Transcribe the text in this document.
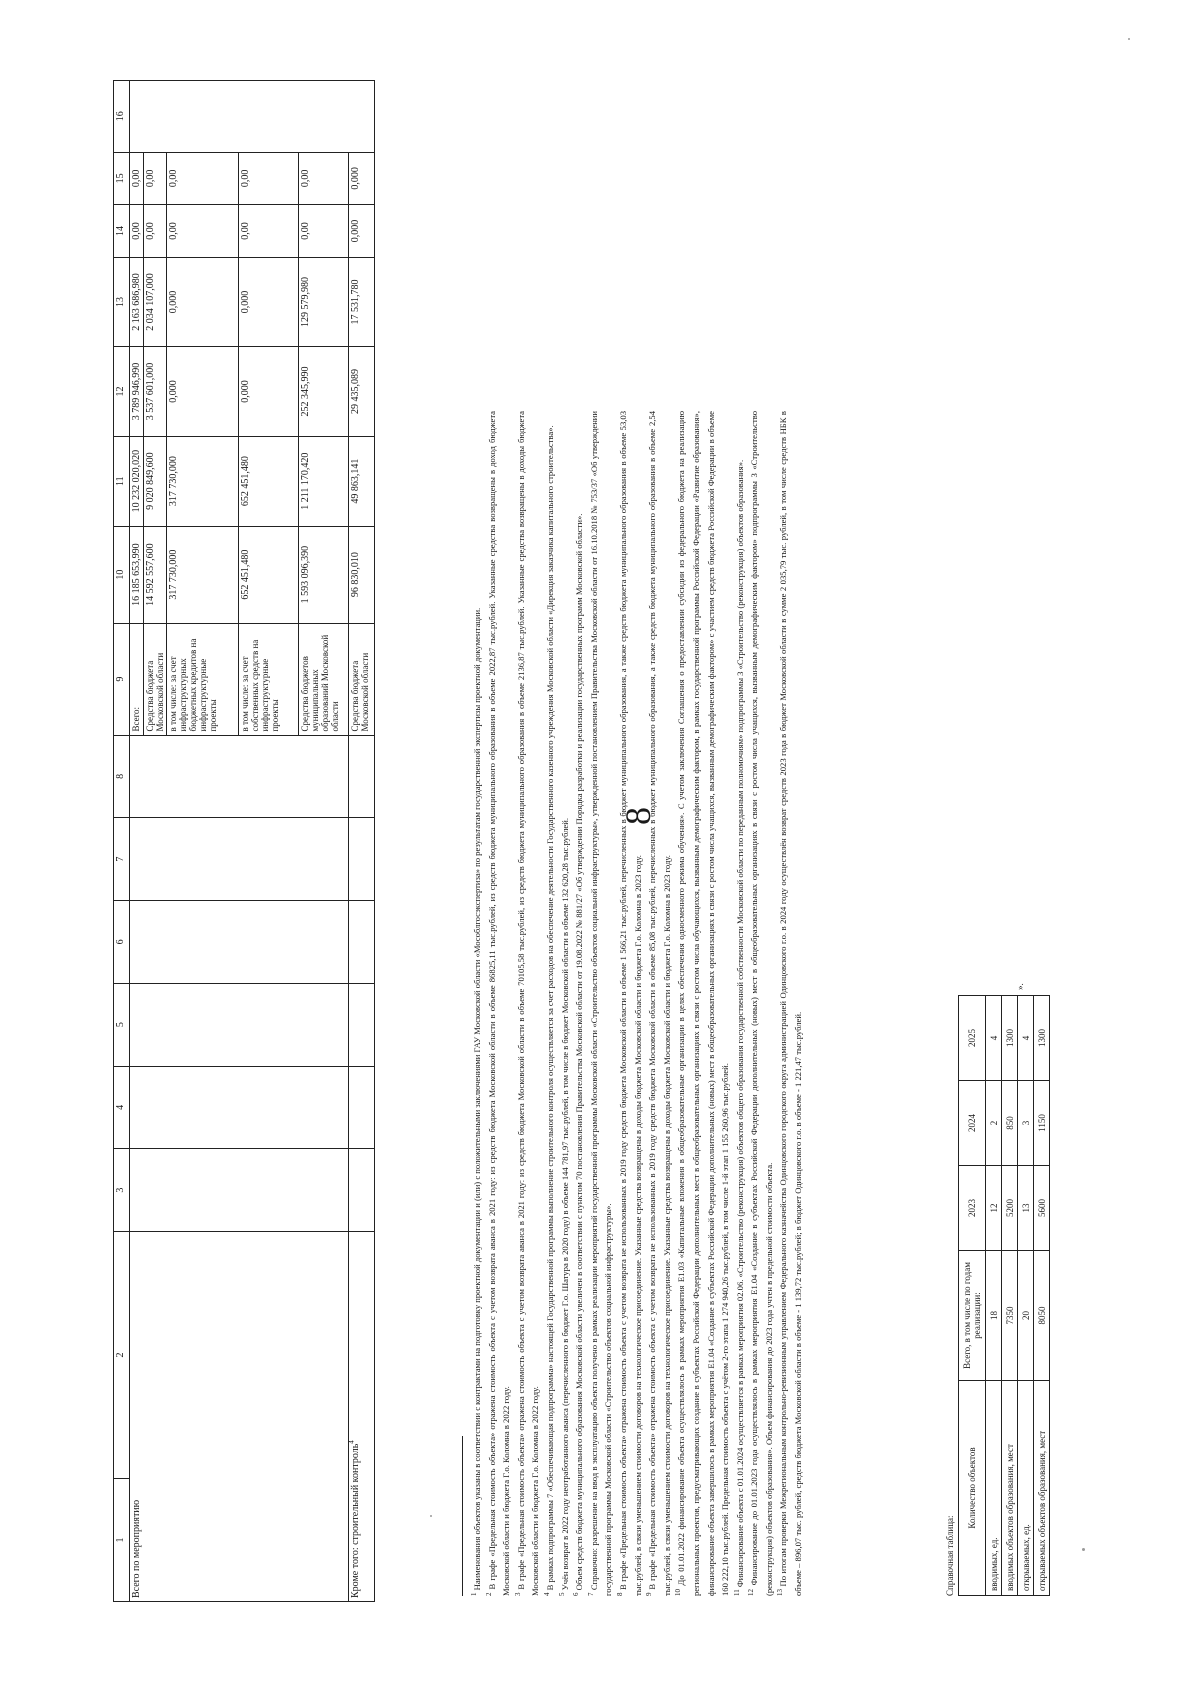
8
1	2	3	4	5	6	7	8	9	10	11	12	13	14	15	16
Всего по мероприятию								Всего:	16 185 653,990	10 232 020,020	3 789 946,990	2 163 686,980	0,00	0,00	
								Средства бюджета Московской области	14 592 557,600	9 020 849,600	3 537 601,000	2 034 107,000	0,00	0,00	
								в том числе: за счет инфраструктурных бюджетных кредитов на инфраструктурные проекты	317 730,000	317 730,000	0,000	0,000	0,00	0,00	
								в том числе: за счет собственных средств на инфраструктурные проекты	652 451,480	652 451,480	0,000	0,000	0,00	0,00	
								Средства бюджетов муниципальных образований Московской области	1 593 096,390	1 211 170,420	252 345,990	129 579,980	0,00	0,00	
Кроме того: строительный контроль$^4$								Средства бюджета Московской области	96 830,010	49 863,141	29 435,089	17 531,780	0,000	0,000	

$^1$ Наименования объектов указаны в соответствии с контрактами на подготовку проектной документации и (или) с положительными заключениями ГАУ Московской области «Мособлгосэкспертиза» по результатам государственной экспертизы проектной документации.

$^2$ В графе «Предельная стоимость объекта» отражена стоимость объекта с учетом возврата аванса в 2021 году: из средств бюджета Московской области в объеме 86825,11 тыс.рублей, из средств бюджета муниципального образования в объеме 2022,87 тыс.рублей. Указанные средства возвращены в доход бюджета Московской области и бюджета Г.о. Коломна в 2022 году. $^3$ В графе «Предельная стоимость объекта» отражена стоимость объекта с учетом возврата аванса в 2021 году: из средств бюджета Московской области в объеме 70105,58 тыс.рублей, из средств бюджета муниципального образования в объеме 2136,87 тыс.рублей. Указанные средства возвращены в доходы бюджета Московской области и бюджета Г.о. Коломна в 2022 году. $^4$ В рамках подпрограммы 7 «Обеспечивающая подпрограмма» настоящей Государственной программы выполнение строительного контроля осуществляется за счет расходов на обеспечение деятельности Государственного казенного учреждения Московской области «Дирекция заказчика капитального строительства».

$^5$ Учён возврат в 2022 году неотработанного аванса (перечисленного в бюджет Г.о. Шатура в 2020 году) в объеме 144 781,97 тыс.рублей, в том числе в бюджет Московской области в объеме 132 620,28 тыс.рублей.

$^6$ Объем средств бюджета муниципального образования Московской области увеличен в соответствии с пунктом 70 постановления Правительства Московской области от 19.08.2022 № 881/27 «Об утверждении Порядка разработки и реализации государственных программ Московской области».

$^7$ Справочно: разрешение на ввод в эксплуатацию объекта получено в рамках реализации мероприятий государственной программы Московской области «Строительство объектов социальной инфраструктуры», утвержденной постановлением Правительства Московской области от 16.10.2018 № 753/37 «Об утверждении государственной программы Московской области «Строительство объектов социальной инфраструктуры». $^8$ В графе «Предельная стоимость объекта» отражена стоимость объекта с учетом возврата не использованных в 2019 году средств бюджета Московской области в объеме 1 566,21 тыс.рублей, перечисленных в бюджет муниципального образования, а также средств бюджета муниципального образования в объеме 53,03 тыс.рублей, в связи уменьшением стоимости договоров на технологическое присоединение. Указанные средства возвращены в доходы бюджета Московской области и бюджета Г.о. Коломна в 2023 году. $^9$ В графе «Предельная стоимость объекта» отражена стоимость объекта с учетом возврата не использованных в 2019 году средств бюджета Московской области в объеме 85,08 тыс.рублей, перечисленных в бюджет муниципального образования, а также средств бюджета муниципального образования в объеме 2,54 тыс.рублей, в связи уменьшением стоимости договоров на технологическое присоединение. Указанные средства возвращены в доходы бюджета Московской области и бюджета Г.о. Коломна в 2023 году. $^{10}$ До 01.01.2022 финансирование объекта осуществлялось в рамках мероприятия Е1.03 «Капитальные вложения в общеобразовательные организации в целях обеспечения односменного режима обучения». С учетом заключения Соглашения о предоставлении субсидии из федерального бюджета на реализацию региональных проектов, предусматривающих создание в субъектах Российской Федерации дополнительных мест в общеобразовательных организациях в связи с ростом числа обучающихся, вызванным демографическим фактором, в рамках государственной программы Российской Федерации «Развитие образования», финансирование объекта завершилось в рамках мероприятия Е1.04 «Создание в субъектах Российской Федерации дополнительных (новых) мест в общеобразовательных организациях в связи с ростом числа учащихся, вызванным демографическим фактором» с участием средств бюджета Российской Федерации в объеме 160 222,10 тыс.рублей. Предельная стоимость объекта с учётом 2-го этапа 1 274 940,26 тыс.рублей, в том числе 1-й этап 1 155 260,96 тыс.рублей. $^{11}$ Финансирование объекта с 01.01.2024 осуществляется в рамках мероприятия 02.06. «Строительство (реконструкция) объектов общего образования государственной собственности Московской области по переданным полномочиям» подпрограммы 3 «Строительство (реконструкция) объектов образования».

$^{12}$ Финансирование до 01.01.2023 года осуществлялось в рамках мероприятия Е1.04 «Создание в субъектах Российской Федерации дополнительных (новых) мест в общеобразовательных организациях в связи с ростом числа учащихся, вызванным демографическим фактором» подпрограммы 3 «Строительство (реконструкция) объектов образования». Объем финансирования до 2023 года учтен в предельной стоимости объекта. $^{13}$ По итогам проверки Межрегиональным контрольно-ревизионным управлением Федерального казначейства Одинцовского городского округа администрацией Одинцовского г.о. в 2024 году осуществлён возврат средств 2023 года в бюджет Московской области в сумме 2 035,79 тыс. рублей, в том числе средств НБК в объеме – 896,07 тыс. рублей, средств бюджета Московской области в объеме - 1 139,72 тыс.рублей; в бюджет Одинцовского г.о. в объеме - 1 221,47 тыс.рублей.	Справочная таблица:
Количество объектов	Всего, в том числе по годам реализации:	2023	2024	2025
вводимых, ед.	18	12	2	4
вводимых объектов образования, мест	7350	5200	850	1300
открываемых, ед.	20	13	3	4
открываемых объектов образования, мест	8050	5600	1150	1300
».
